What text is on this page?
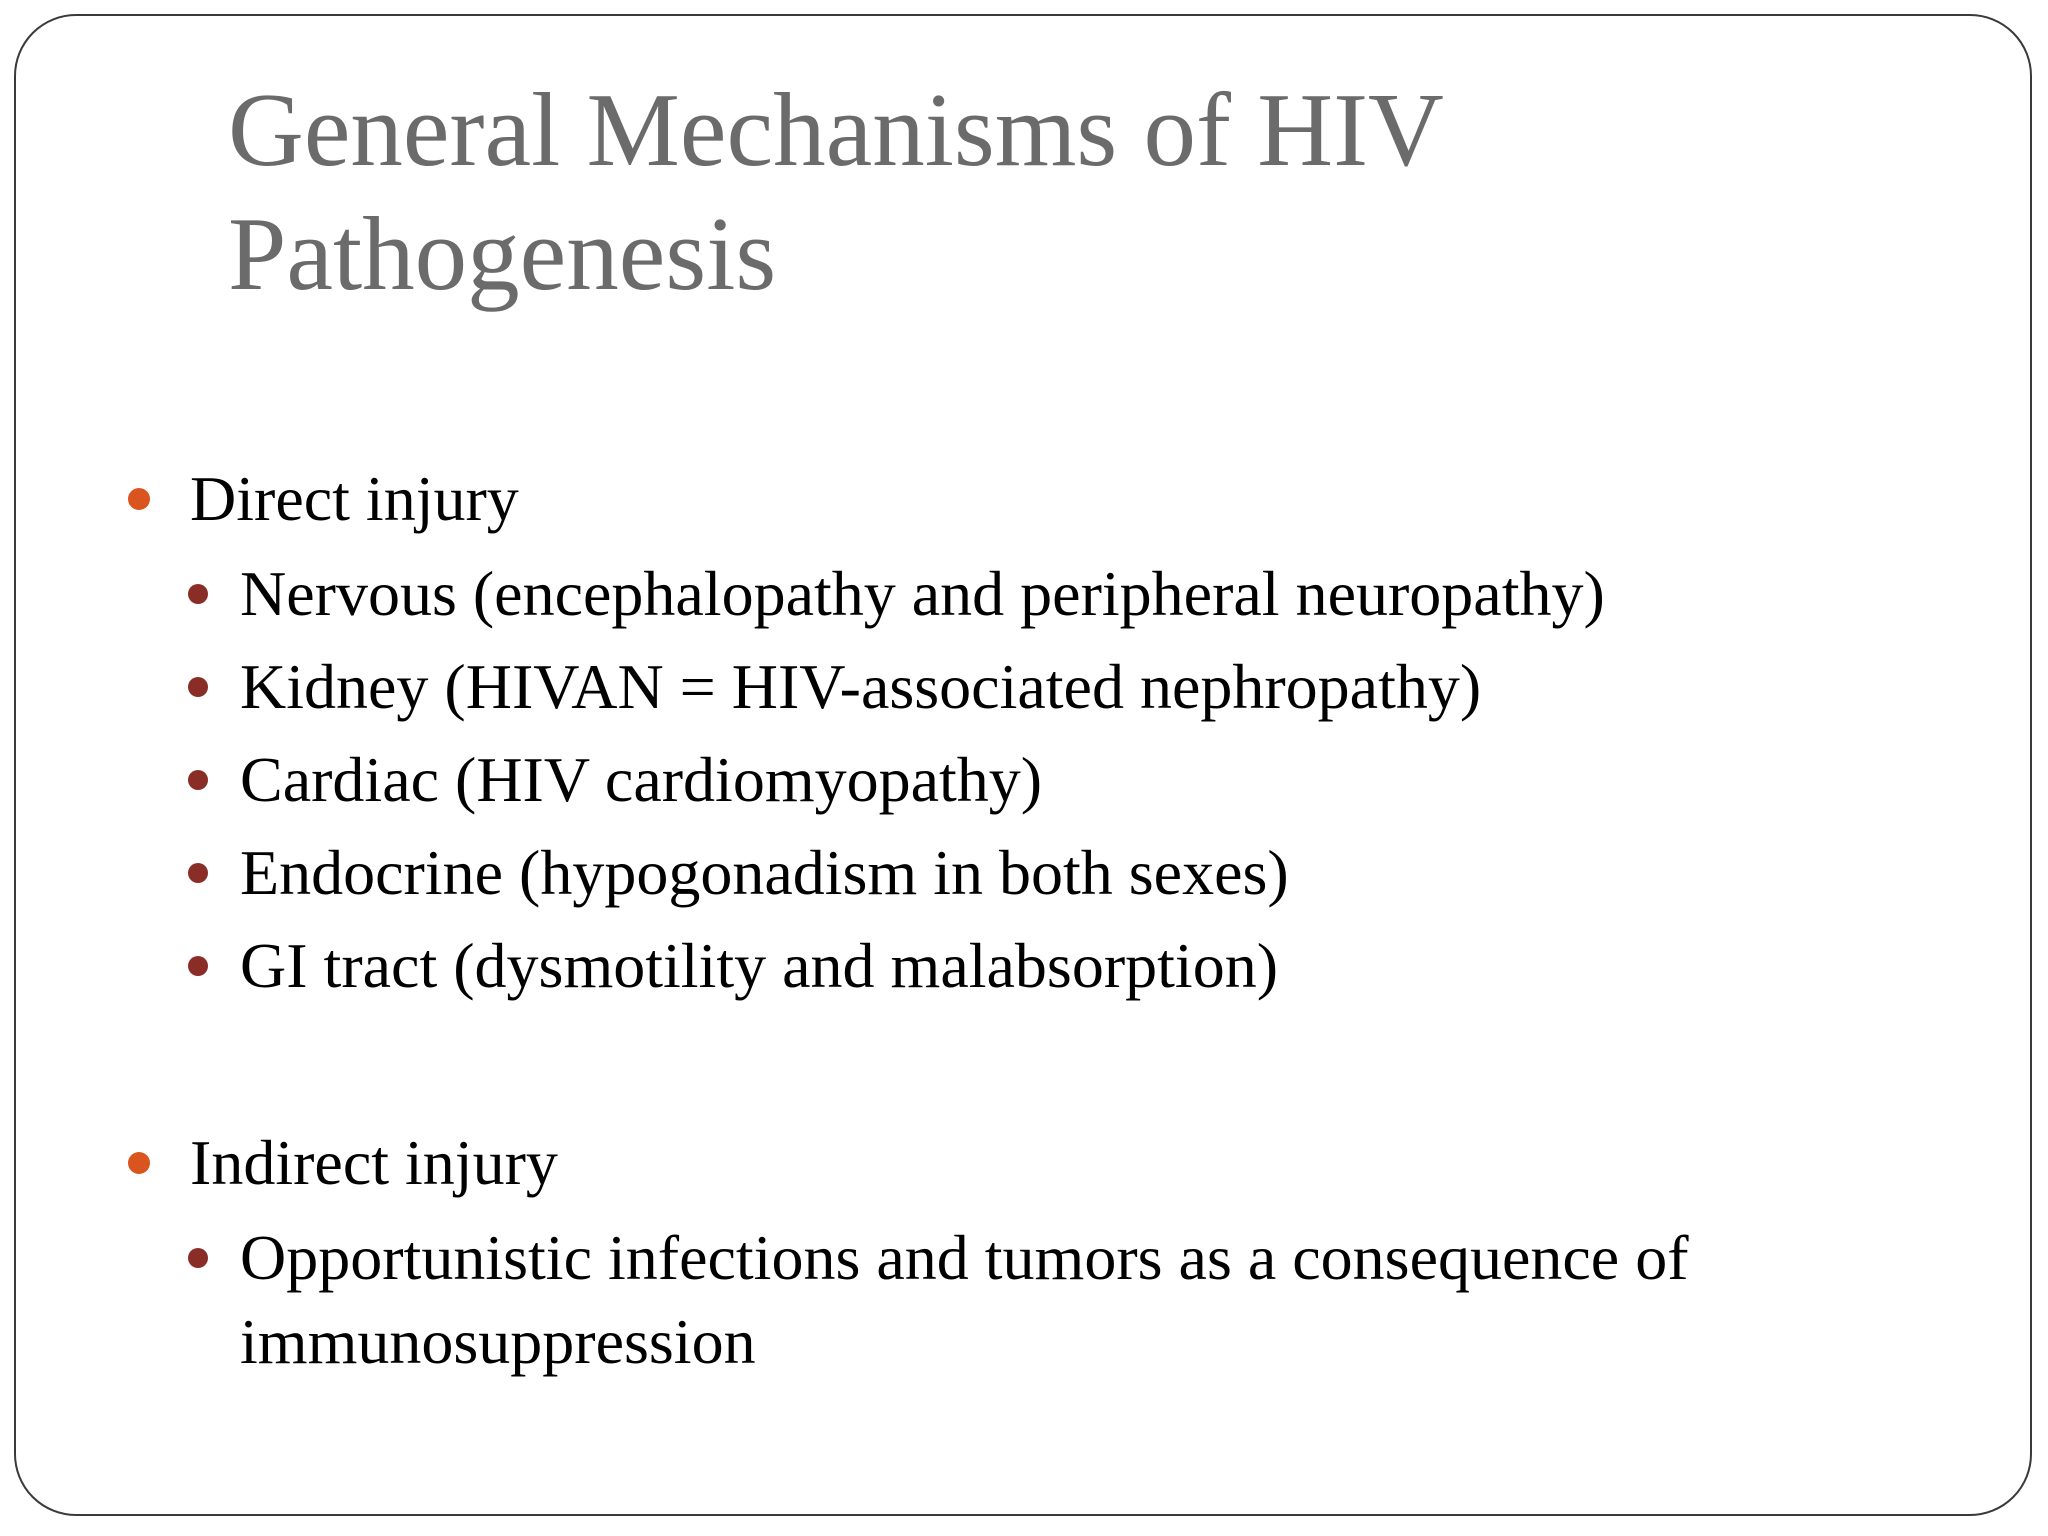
General Mechanisms of HIV Pathogenesis
Direct injury
Nervous (encephalopathy and peripheral neuropathy)
Kidney (HIVAN = HIV-associated nephropathy)
Cardiac (HIV cardiomyopathy)
Endocrine (hypogonadism in both sexes)
GI tract (dysmotility and malabsorption)
Indirect injury
Opportunistic infections and tumors as a consequence of immunosuppression
